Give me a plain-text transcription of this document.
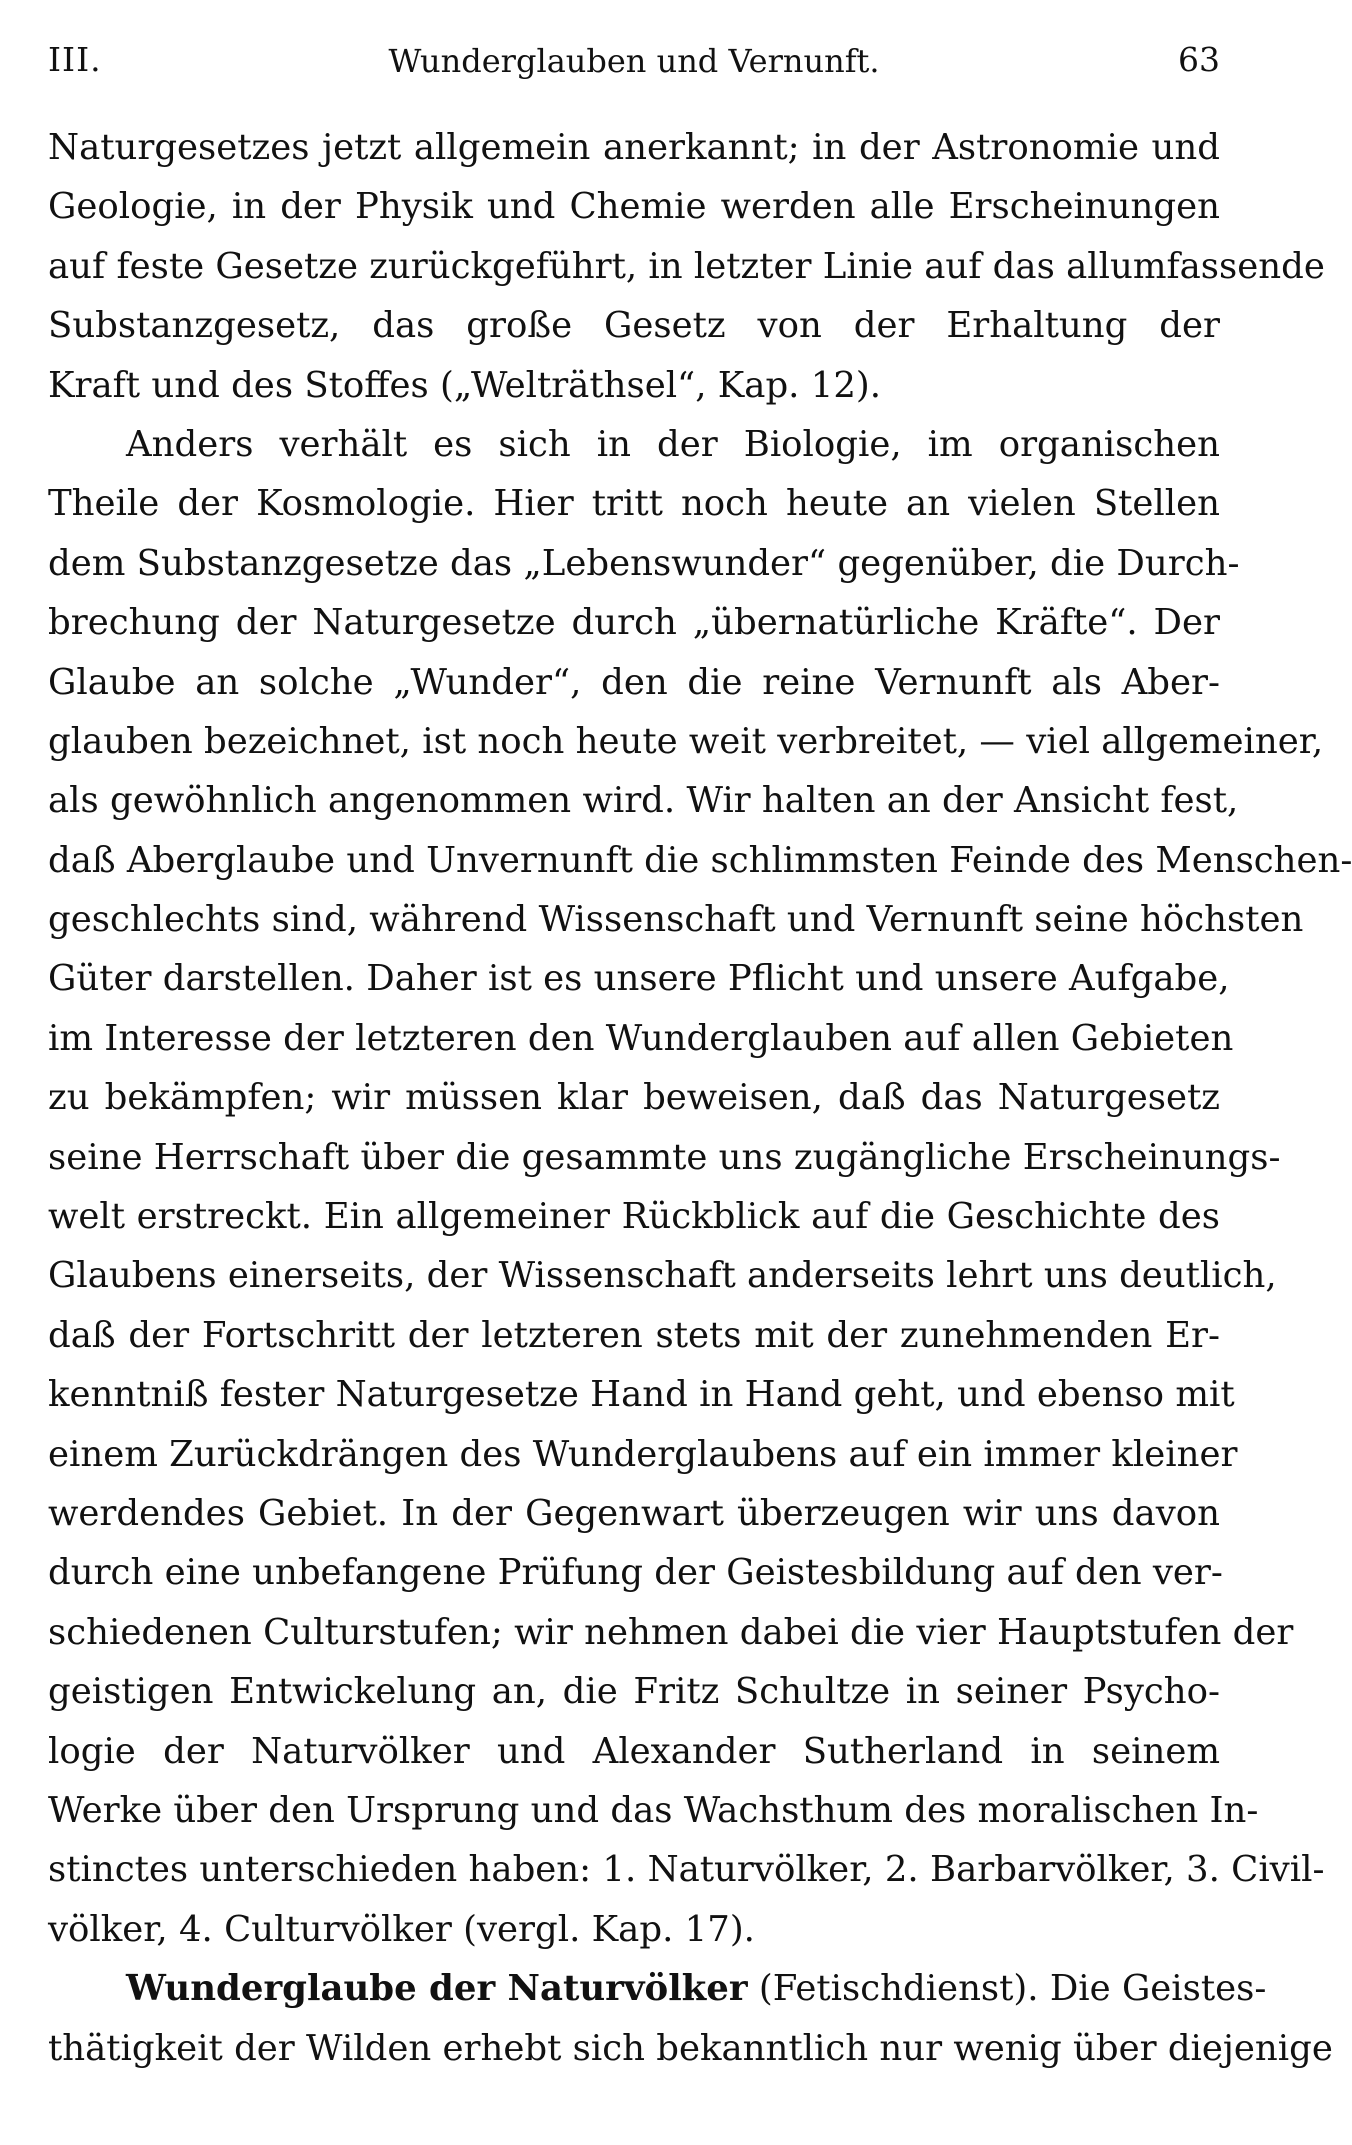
III.	Wunderglauben und Vernunft.	63
Naturgesetzes jetzt allgemein anerkannt; in der Astronomie und
Geologie, in der Physik und Chemie werden alle Erscheinungen
auf feste Gesetze zurückgeführt, in letzter Linie auf das allumfassende
Substanzgesetz, das große Gesetz von der Erhaltung der
Kraft und des Stoffes („Welträthsel“, Kap. 12).
Anders verhält es sich in der Biologie, im organischen
Theile der Kosmologie. Hier tritt noch heute an vielen Stellen
dem Substanzgesetze das „Lebenswunder“ gegenüber, die Durch-
brechung der Naturgesetze durch „übernatürliche Kräfte“. Der
Glaube an solche „Wunder“, den die reine Vernunft als Aber-
glauben bezeichnet, ist noch heute weit verbreitet, — viel allgemeiner,
als gewöhnlich angenommen wird. Wir halten an der Ansicht fest,
daß Aberglaube und Unvernunft die schlimmsten Feinde des Menschen-
geschlechts sind, während Wissenschaft und Vernunft seine höchsten
Güter darstellen. Daher ist es unsere Pflicht und unsere Aufgabe,
im Interesse der letzteren den Wunderglauben auf allen Gebieten
zu bekämpfen; wir müssen klar beweisen, daß das Naturgesetz
seine Herrschaft über die gesammte uns zugängliche Erscheinungs-
welt erstreckt. Ein allgemeiner Rückblick auf die Geschichte des
Glaubens einerseits, der Wissenschaft anderseits lehrt uns deutlich,
daß der Fortschritt der letzteren stets mit der zunehmenden Er-
kenntniß fester Naturgesetze Hand in Hand geht, und ebenso mit
einem Zurückdrängen des Wunderglaubens auf ein immer kleiner
werdendes Gebiet. In der Gegenwart überzeugen wir uns davon
durch eine unbefangene Prüfung der Geistesbildung auf den ver-
schiedenen Culturstufen; wir nehmen dabei die vier Hauptstufen der
geistigen Entwickelung an, die Fritz Schultze in seiner Psycho-
logie der Naturvölker und Alexander Sutherland in seinem
Werke über den Ursprung und das Wachsthum des moralischen In-
stinctes unterschieden haben: 1. Naturvölker, 2. Barbarvölker, 3. Civil-
völker, 4. Culturvölker (vergl. Kap. 17).
Wunderglaube der Naturvölker (Fetischdienst). Die Geistes-
thätigkeit der Wilden erhebt sich bekanntlich nur wenig über diejenige
